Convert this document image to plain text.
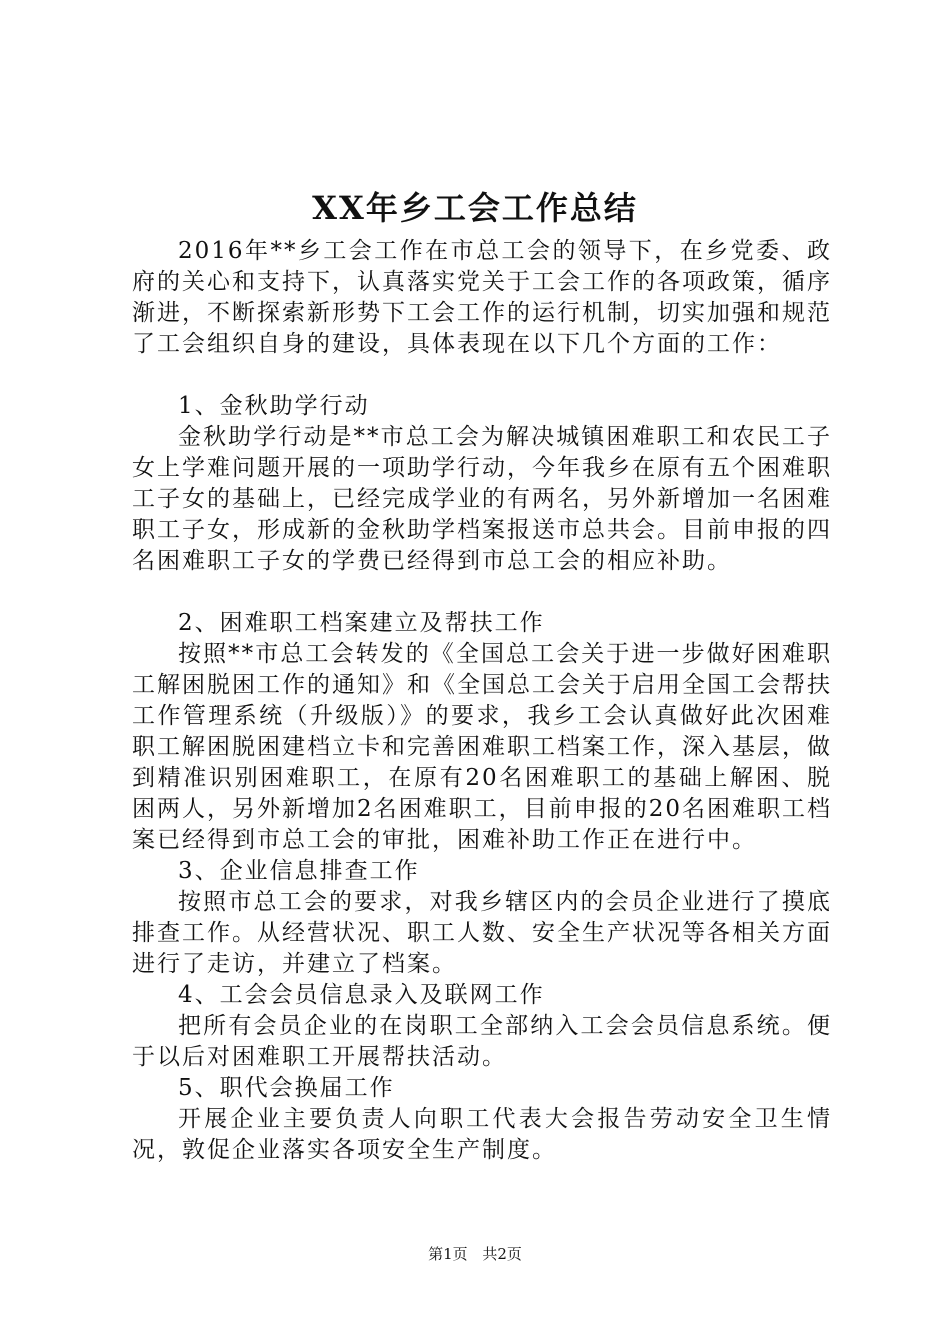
XX年乡工会工作总结

2016年**乡工会工作在市总工会的领导下，在乡党委、政府的关心和支持下，认真落实党关于工会工作的各项政策，循序渐进，不断探索新形势下工会工作的运行机制，切实加强和规范了工会组织自身的建设，具体表现在以下几个方面的工作：

1、金秋助学行动

金秋助学行动是**市总工会为解决城镇困难职工和农民工子女上学难问题开展的一项助学行动，今年我乡在原有五个困难职工子女的基础上，已经完成学业的有两名，另外新增加一名困难职工子女，形成新的金秋助学档案报送市总共会。目前申报的四名困难职工子女的学费已经得到市总工会的相应补助。

2、困难职工档案建立及帮扶工作

按照**市总工会转发的《全国总工会关于进一步做好困难职工解困脱困工作的通知》和《全国总工会关于启用全国工会帮扶工作管理系统（升级版）》的要求，我乡工会认真做好此次困难职工解困脱困建档立卡和完善困难职工档案工作，深入基层，做到精准识别困难职工，在原有20名困难职工的基础上解困、脱困两人，另外新增加2名困难职工，目前申报的20名困难职工档案已经得到市总工会的审批，困难补助工作正在进行中。

3、企业信息排查工作

按照市总工会的要求，对我乡辖区内的会员企业进行了摸底排查工作。从经营状况、职工人数、安全生产状况等各相关方面进行了走访，并建立了档案。

4、工会会员信息录入及联网工作

把所有会员企业的在岗职工全部纳入工会会员信息系统。便于以后对困难职工开展帮扶活动。

5、职代会换届工作

开展企业主要负责人向职工代表大会报告劳动安全卫生情况，敦促企业落实各项安全生产制度。

第1页 共2页
